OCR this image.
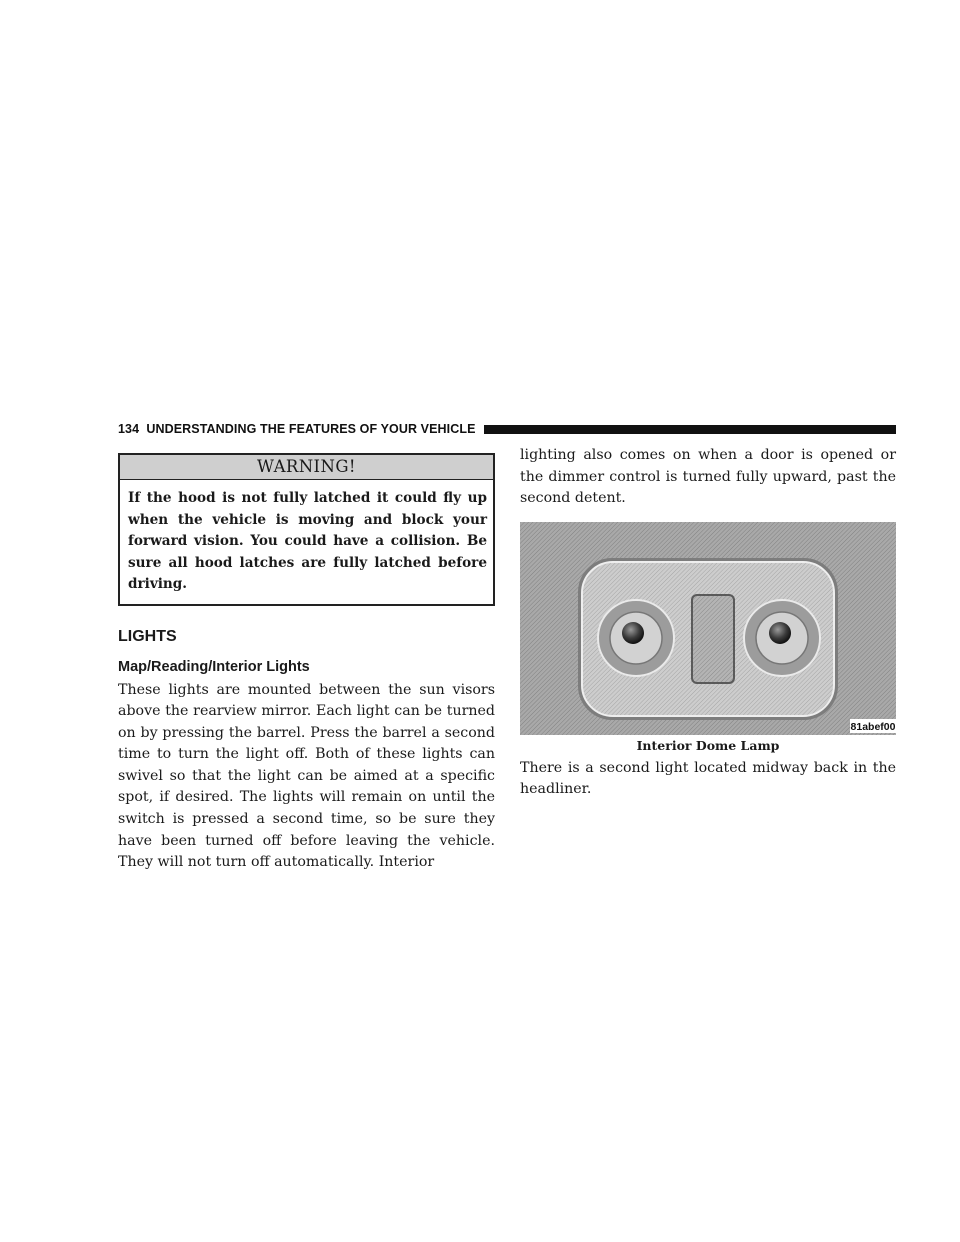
134 UNDERSTANDING THE FEATURES OF YOUR VEHICLE
WARNING!
If the hood is not fully latched it could fly up when the vehicle is moving and block your forward vision. You could have a collision. Be sure all hood latches are fully latched before driving.
LIGHTS
Map/Reading/Interior Lights
These lights are mounted between the sun visors above the rearview mirror. Each light can be turned on by pressing the barrel. Press the barrel a second time to turn the light off. Both of these lights can swivel so that the light can be aimed at a specific spot, if desired. The lights will remain on until the switch is pressed a second time, so be sure they have been turned off before leaving the vehicle. They will not turn off automatically. Interior
lighting also comes on when a door is opened or the dimmer control is turned fully upward, past the second detent.
81abef00
Interior Dome Lamp
There is a second light located midway back in the headliner.
